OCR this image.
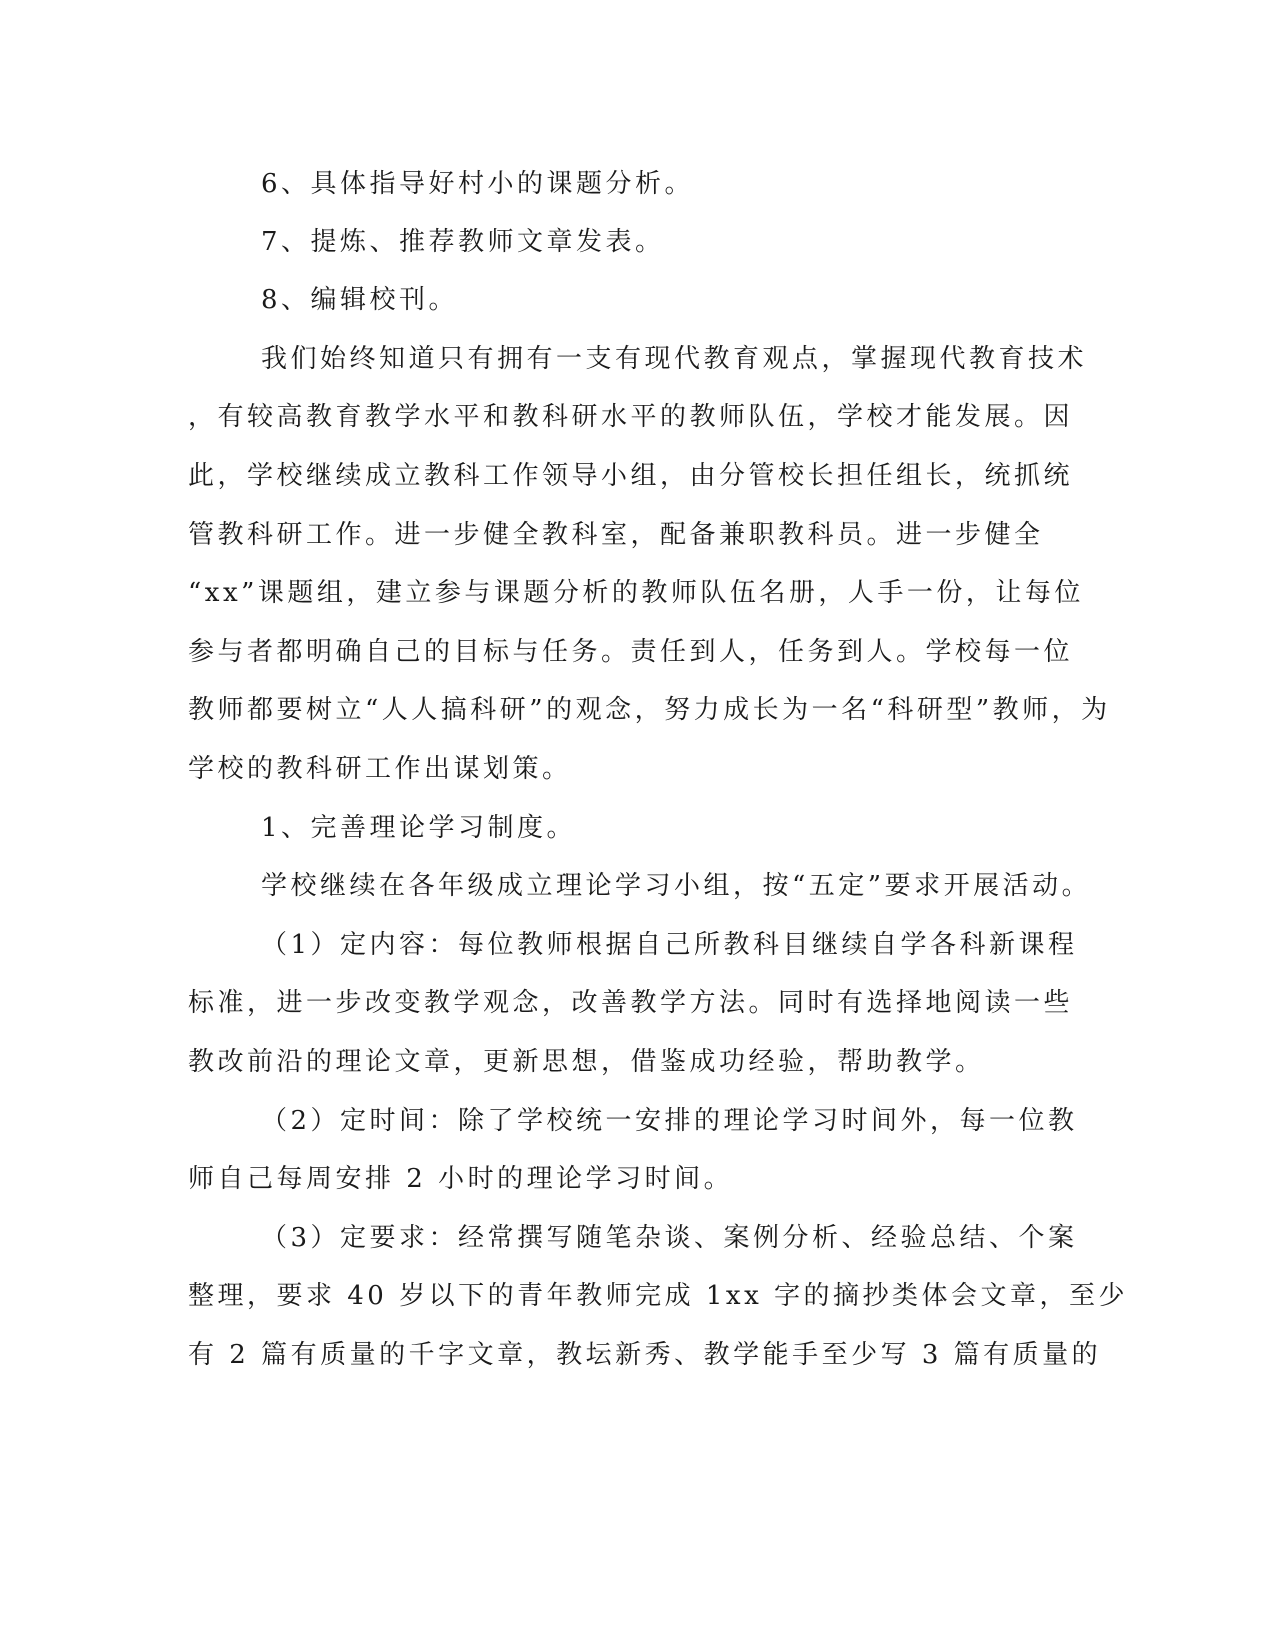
6、具体指导好村小的课题分析。

7、提炼、推荐教师文章发表。

8、编辑校刊。

我们始终知道只有拥有一支有现代教育观点，掌握现代教育技术

，有较高教育教学水平和教科研水平的教师队伍，学校才能发展。因

此，学校继续成立教科工作领导小组，由分管校长担任组长，统抓统

管教科研工作。进一步健全教科室，配备兼职教科员。进一步健全

“xx”课题组，建立参与课题分析的教师队伍名册，人手一份，让每位

参与者都明确自己的目标与任务。责任到人，任务到人。学校每一位

教师都要树立“人人搞科研”的观念，努力成长为一名“科研型”教师，为

学校的教科研工作出谋划策。

1、完善理论学习制度。

学校继续在各年级成立理论学习小组，按“五定”要求开展活动。

（1）定内容：每位教师根据自己所教科目继续自学各科新课程

标准，进一步改变教学观念，改善教学方法。同时有选择地阅读一些

教改前沿的理论文章，更新思想，借鉴成功经验，帮助教学。

（2）定时间：除了学校统一安排的理论学习时间外，每一位教

师自己每周安排 2 小时的理论学习时间。

（3）定要求：经常撰写随笔杂谈、案例分析、经验总结、个案

整理，要求 40 岁以下的青年教师完成 1xx 字的摘抄类体会文章，至少

有 2 篇有质量的千字文章，教坛新秀、教学能手至少写 3 篇有质量的
